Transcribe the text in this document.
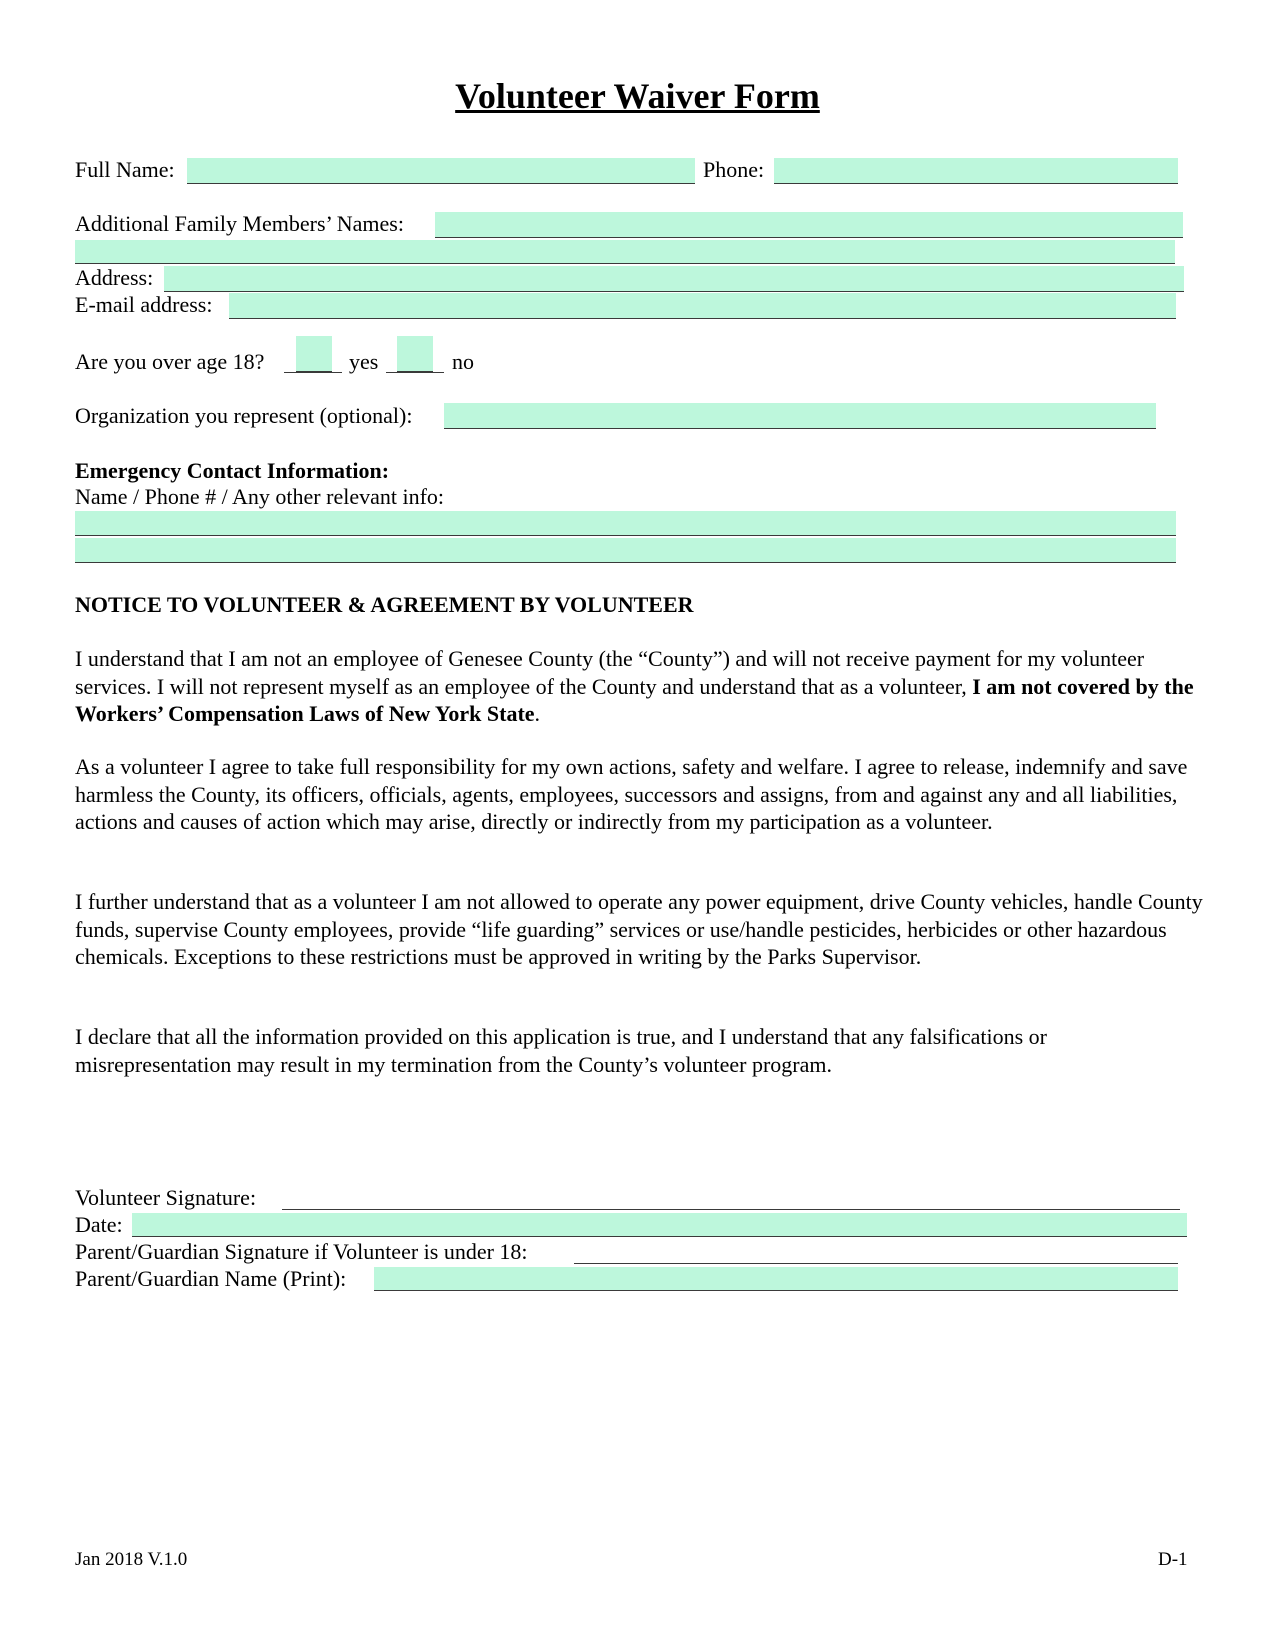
Volunteer Waiver Form
Full Name:	Phone:
Additional Family Members’ Names:
Address:
E-mail address:
Are you over age 18?	yes	no
Organization you represent (optional):
Emergency Contact Information:
Name / Phone # / Any other relevant info:
NOTICE TO VOLUNTEER & AGREEMENT BY VOLUNTEER
I understand that I am not an employee of Genesee County (the “County”) and will not receive payment for my volunteer services. I will not represent myself as an employee of the County and understand that as a volunteer, I am not covered by the Workers’ Compensation Laws of New York State.
As a volunteer I agree to take full responsibility for my own actions, safety and welfare. I agree to release, indemnify and save harmless the County, its officers, officials, agents, employees, successors and assigns, from and against any and all liabilities, actions and causes of action which may arise, directly or indirectly from my participation as a volunteer.
I further understand that as a volunteer I am not allowed to operate any power equipment, drive County vehicles, handle County funds, supervise County employees, provide “life guarding” services or use/handle pesticides, herbicides or other hazardous chemicals. Exceptions to these restrictions must be approved in writing by the Parks Supervisor.
I declare that all the information provided on this application is true, and I understand that any falsifications or misrepresentation may result in my termination from the County’s volunteer program.
Volunteer Signature:
Date:
Parent/Guardian Signature if Volunteer is under 18:
Parent/Guardian Name (Print):
Jan 2018 V.1.0	D-1
